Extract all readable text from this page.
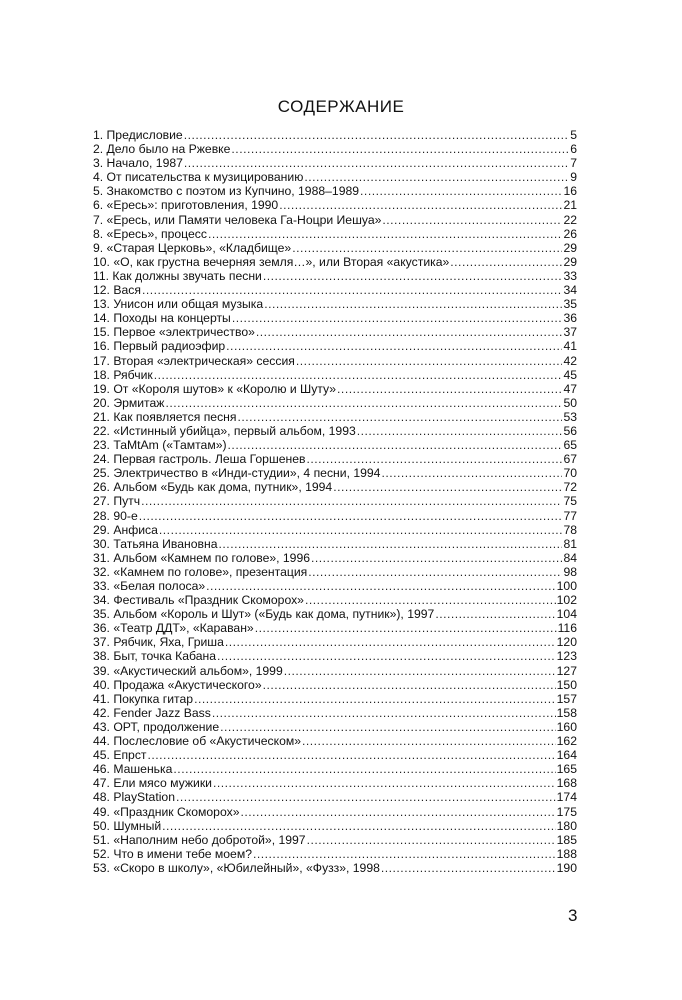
СОДЕРЖАНИЕ
1. Предисловие .....	5
2. Дело было на Ржевке .....	6
3. Начало, 1987 .....	7
4. От писательства к музицированию .....	9
5. Знакомство с поэтом из Купчино, 1988–1989 .....	16
6. «Ересь»: приготовления, 1990 .....	21
7. «Ересь, или Памяти человека Га-Ноцри Иешуа» .....	22
8. «Ересь», процесс .....	26
9. «Старая Церковь», «Кладбище» .....	29
10. «О, как грустна вечерняя земля…», или Вторая «акустика» .....	29
11. Как должны звучать песни .....	33
12. Вася .....	34
13. Унисон или общая музыка .....	35
14. Походы на концерты .....	36
15. Первое «электричество» .....	37
16. Первый радиоэфир .....	41
17. Вторая «электрическая» сессия .....	42
18. Рябчик .....	45
19. От «Короля шутов» к «Королю и Шуту» .....	47
20. Эрмитаж .....	50
21. Как появляется песня .....	53
22. «Истинный убийца», первый альбом, 1993 .....	56
23. ТаMtAm («Тамтам») .....	65
24. Первая гастроль. Леша Горшенев .....	67
25. Электричество в «Инди-студии», 4 песни, 1994 .....	70
26. Альбом «Будь как дома, путник», 1994 .....	72
27. Путч .....	75
28. 90-е .....	77
29. Анфиса .....	78
30. Татьяна Ивановна .....	81
31. Альбом «Камнем по голове», 1996 .....	84
32. «Камнем по голове», презентация .....	98
33. «Белая полоса» .....	100
34. Фестиваль «Праздник Скоморох» .....	102
35. Альбом «Король и Шут» («Будь как дома, путник»), 1997 .....	104
36. «Театр ДДТ», «Караван» .....	116
37. Рябчик, Яха, Гриша .....	120
38. Быт, точка Кабана .....	123
39. «Акустический альбом», 1999 .....	127
40. Продажа «Акустического» .....	150
41. Покупка гитар .....	157
42. Fender Jazz Bass .....	158
43. ОРТ, продолжение .....	160
44. Послесловие об «Акустическом» .....	162
45. Епрст .....	164
46. Машенька .....	165
47. Ели мясо мужики .....	168
48. PlayStation .....	174
49. «Праздник Скоморох» .....	175
50. Шумный .....	180
51. «Наполним небо добротой», 1997 .....	185
52. Что в имени тебе моем? .....	188
53. «Скоро в школу», «Юбилейный», «Фузз», 1998 .....	190
3
